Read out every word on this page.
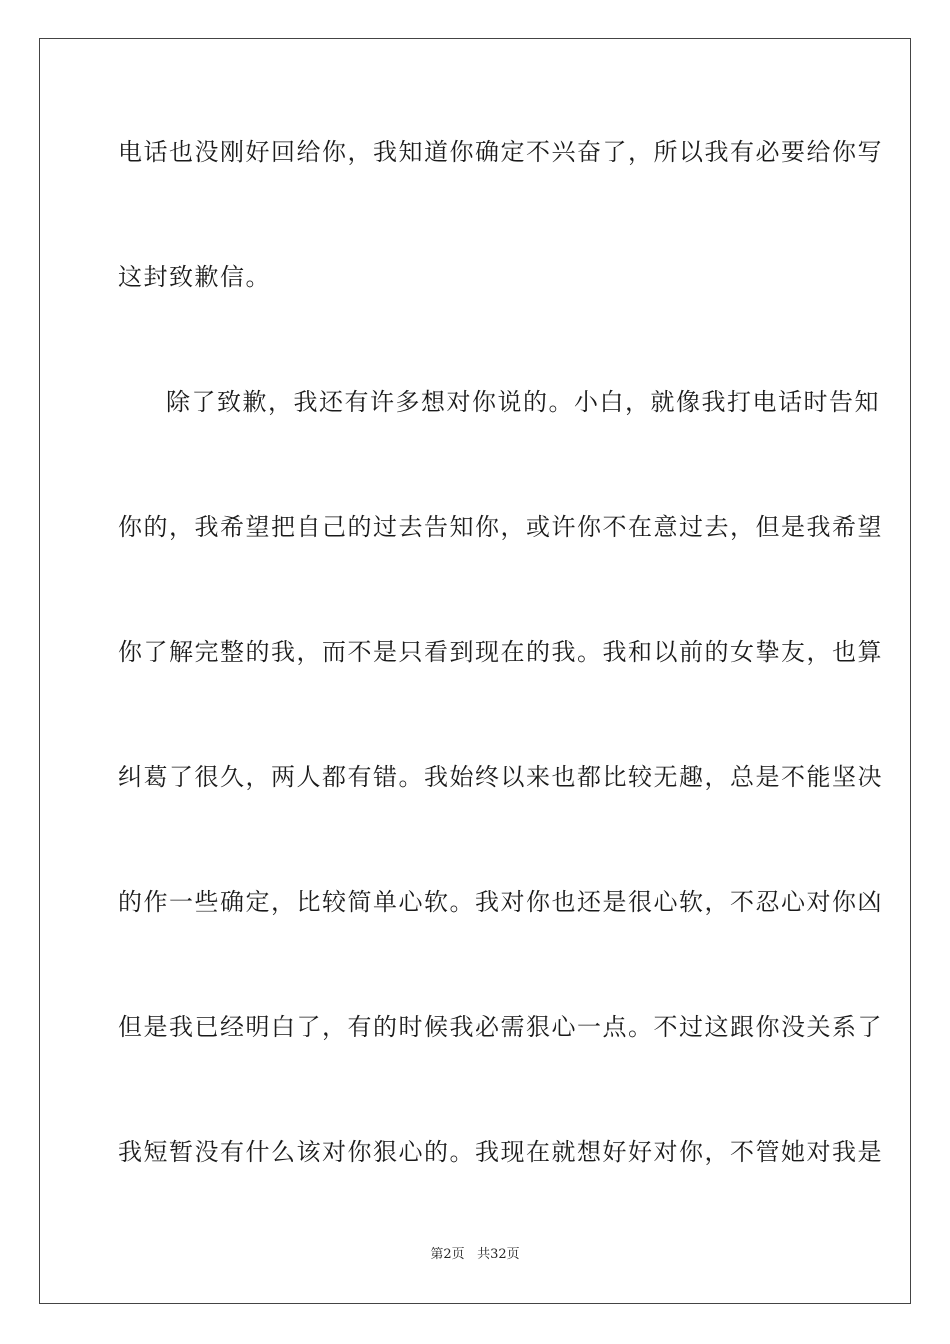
电话也没刚好回给你，我知道你确定不兴奋了，所以我有必要给你写
这封致歉信。
除了致歉，我还有许多想对你说的。小白，就像我打电话时告知
你的，我希望把自己的过去告知你，或许你不在意过去，但是我希望
你了解完整的我，而不是只看到现在的我。我和以前的女挚友，也算
纠葛了很久，两人都有错。我始终以来也都比较无趣，总是不能坚决
的作一些确定，比较简单心软。我对你也还是很心软，不忍心对你凶
但是我已经明白了，有的时候我必需狠心一点。不过这跟你没关系了
我短暂没有什么该对你狠心的。我现在就想好好对你，不管她对我是
第2页 共32页
